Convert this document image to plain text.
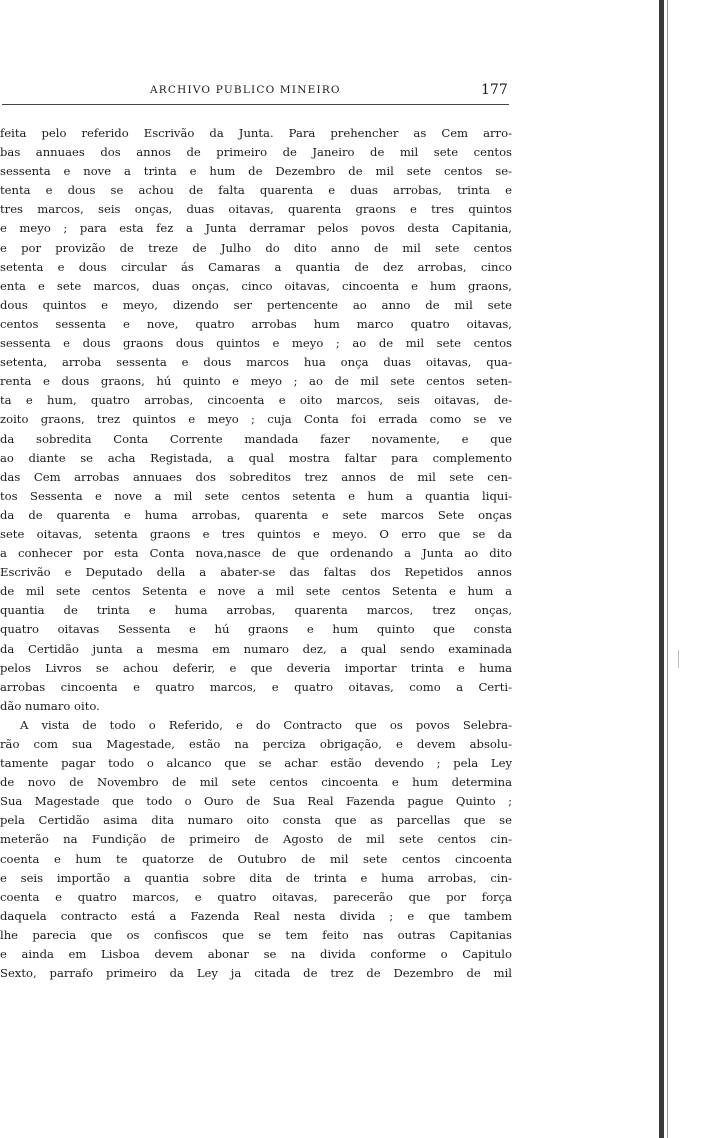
ARCHIVO PUBLICO MINEIRO	177
feita pelo referido Escrivão da Junta. Para prehencher as Cem arro-
bas annuaes dos annos de primeiro de Janeiro de mil sete centos
sessenta e nove a trinta e hum de Dezembro de mil sete centos se-
tenta e dous se achou de falta quarenta e duas arrobas, trinta e
tres marcos, seis onças, duas oitavas, quarenta graons e tres quintos
e meyo ; para esta fez a Junta derramar pelos povos desta Capitania,
e por provizão de treze de Julho do dito anno de mil sete centos
setenta e dous circular ás Camaras a quantia de dez arrobas, cinco
enta e sete marcos, duas onças, cinco oitavas, cincoenta e hum graons,
dous quintos e meyo, dizendo ser pertencente ao anno de mil sete
centos sessenta e nove, quatro arrobas hum marco quatro oitavas,
sessenta e dous graons dous quintos e meyo ; ao de mil sete centos
setenta, arroba sessenta e dous marcos hua onça duas oitavas, qua-
renta e dous graons, hú quinto e meyo ; ao de mil sete centos seten-
ta e hum, quatro arrobas, cincoenta e oito marcos, seis oitavas, de-
zoito graons, trez quintos e meyo ; cuja Conta foi errada como se ve
da sobredita Conta Corrente mandada fazer novamente, e que
ao diante se acha Registada, a qual mostra faltar para complemento
das Cem arrobas annuaes dos sobreditos trez annos de mil sete cen-
tos Sessenta e nove a mil sete centos setenta e hum a quantia liqui-
da de quarenta e huma arrobas, quarenta e sete marcos Sete onças
sete oitavas, setenta graons e tres quintos e meyo. O erro que se da
a conhecer por esta Conta nova,nasce de que ordenando a Junta ao dito
Escrivão e Deputado della a abater-se das faltas dos Repetidos annos
de mil sete centos Setenta e nove a mil sete centos Setenta e hum a
quantia de trinta e huma arrobas, quarenta marcos, trez onças,
quatro oitavas Sessenta e hú graons e hum quinto que consta
da Certidão junta a mesma em numaro dez, a qual sendo examinada
pelos Livros se achou deferir, e que deveria importar trinta e huma
arrobas cincoenta e quatro marcos, e quatro oitavas, como a Certi-
dão numaro oito.
A vista de todo o Referido, e do Contracto que os povos Selebra-
rão com sua Magestade, estão na perciza obrigação, e devem absolu-
tamente pagar todo o alcanco que se achar estão devendo ; pela Ley
de novo de Novembro de mil sete centos cincoenta e hum determina
Sua Magestade que todo o Ouro de Sua Real Fazenda pague Quinto ;
pela Certidão asima dita numaro oito consta que as parcellas que se
meterão na Fundição de primeiro de Agosto de mil sete centos cin-
coenta e hum te quatorze de Outubro de mil sete centos cincoenta
e seis importão a quantia sobre dita de trinta e huma arrobas, cin-
coenta e quatro marcos, e quatro oitavas, parecerão que por força
daquela contracto está a Fazenda Real nesta divida ; e que tambem
lhe parecia que os confiscos que se tem feito nas outras Capitanias
e ainda em Lisboa devem abonar se na divida conforme o Capitulo
Sexto, parrafo primeiro da Ley ja citada de trez de Dezembro de mil
